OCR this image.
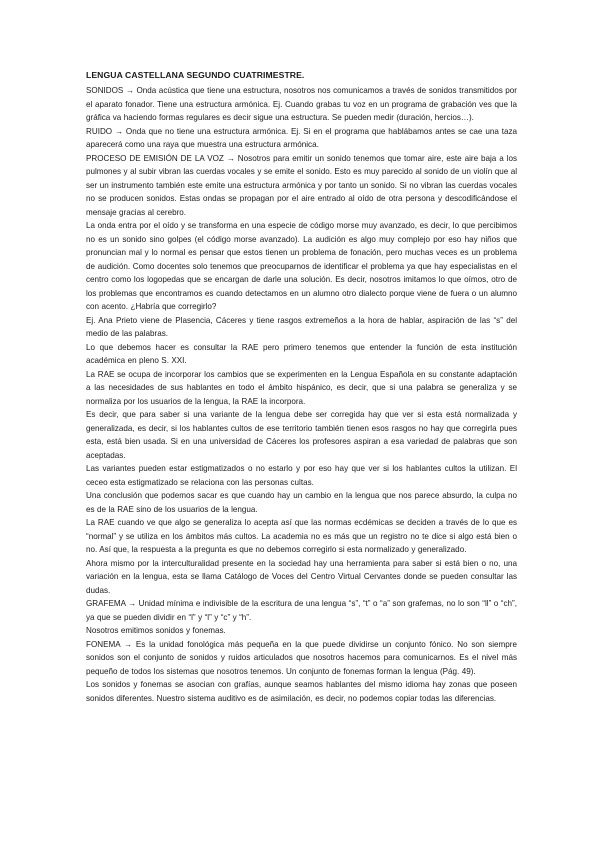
LENGUA CASTELLANA SEGUNDO CUATRIMESTRE.

SONIDOS → Onda acústica que tiene una estructura, nosotros nos comunicamos a través de sonidos transmitidos por el aparato fonador. Tiene una estructura armónica. Ej. Cuando grabas tu voz en un programa de grabación ves que la gráfica va haciendo formas regulares es decir sigue una estructura. Se pueden medir (duración, hercios…).

RUIDO → Onda que no tiene una estructura armónica. Ej. Si en el programa que hablábamos antes se cae una taza aparecerá como una raya que muestra una estructura armónica.

PROCESO DE EMISIÓN DE LA VOZ → Nosotros para emitir un sonido tenemos que tomar aire, este aire baja a los pulmones y al subir vibran las cuerdas vocales y se emite el sonido. Esto es muy parecido al sonido de un violín que al ser un instrumento también este emite una estructura armónica y por tanto un sonido. Si no vibran las cuerdas vocales no se producen sonidos. Estas ondas se propagan por el aire entrado al oído de otra persona y descodificándose el mensaje gracias al cerebro.

La onda entra por el oído y se transforma en una especie de código morse muy avanzado, es decir, lo que percibimos no es un sonido sino golpes (el código morse avanzado). La audición es algo muy complejo por eso hay niños que pronuncian mal y lo normal es pensar que estos tienen un problema de fonación, pero muchas veces es un problema de audición. Como docentes solo tenemos que preocuparnos de identificar el problema ya que hay especialistas en el centro como los logopedas que se encargan de darle una solución. Es decir, nosotros imitamos lo que oímos, otro de los problemas que encontramos es cuando detectamos en un alumno otro dialecto porque viene de fuera o un alumno con acento. ¿Habría que corregirlo?

Ej. Ana Prieto viene de Plasencia, Cáceres y tiene rasgos extremeños a la hora de hablar, aspiración de las “s” del medio de las palabras.

Lo que debemos hacer es consultar la RAE pero primero tenemos que entender la función de esta institución académica en pleno S. XXI.

La RAE se ocupa de incorporar los cambios que se experimenten en la Lengua Española en su constante adaptación a las necesidades de sus hablantes en todo el ámbito hispánico, es decir, que si una palabra se generaliza y se normaliza por los usuarios de la lengua, la RAE la incorpora.

Es decir, que para saber si una variante de la lengua debe ser corregida hay que ver si esta está normalizada y generalizada, es decir, si los hablantes cultos de ese territorio también tienen esos rasgos no hay que corregirla pues esta, está bien usada. Si en una universidad de Cáceres los profesores aspiran a esa variedad de palabras que son aceptadas.

Las variantes pueden estar estigmatizados o no estarlo y por eso hay que ver si los hablantes cultos la utilizan. El ceceo esta estigmatizado se relaciona con las personas cultas.

Una conclusión que podemos sacar es que cuando hay un cambio en la lengua que nos parece absurdo, la culpa no es de la RAE sino de los usuarios de la lengua.

La RAE cuando ve que algo se generaliza lo acepta así que las normas ecdémicas se deciden a través de lo que es “normal” y se utiliza en los ámbitos más cultos. La academia no es más que un registro no te dice si algo está bien o no. Así que, la respuesta a la pregunta es que no debemos corregirlo si esta normalizado y generalizado.

Ahora mismo por la interculturalidad presente en la sociedad hay una herramienta para saber si está bien o no, una variación en la lengua, esta se llama Catálogo de Voces del Centro Virtual Cervantes donde se pueden consultar las dudas.

GRAFEMA → Unidad mínima e indivisible de la escritura de una lengua “s”, “t” o “a” son grafemas, no lo son “ll” o “ch”, ya que se pueden dividir en “l” y “l” y “c” y “h”.

Nosotros emitimos sonidos y fonemas.

FONEMA → Es la unidad fonológica más pequeña en la que puede dividirse un conjunto fónico. No son siempre sonidos son el conjunto de sonidos y ruidos articulados que nosotros hacemos para comunicarnos. Es el nivel más pequeño de todos los sistemas que nosotros tenemos. Un conjunto de fonemas forman la lengua (Pág. 49).

Los sonidos y fonemas se asocian con grafías, aunque seamos hablantes del mismo idioma hay zonas que poseen sonidos diferentes. Nuestro sistema auditivo es de asimilación, es decir, no podemos copiar todas las diferencias.
